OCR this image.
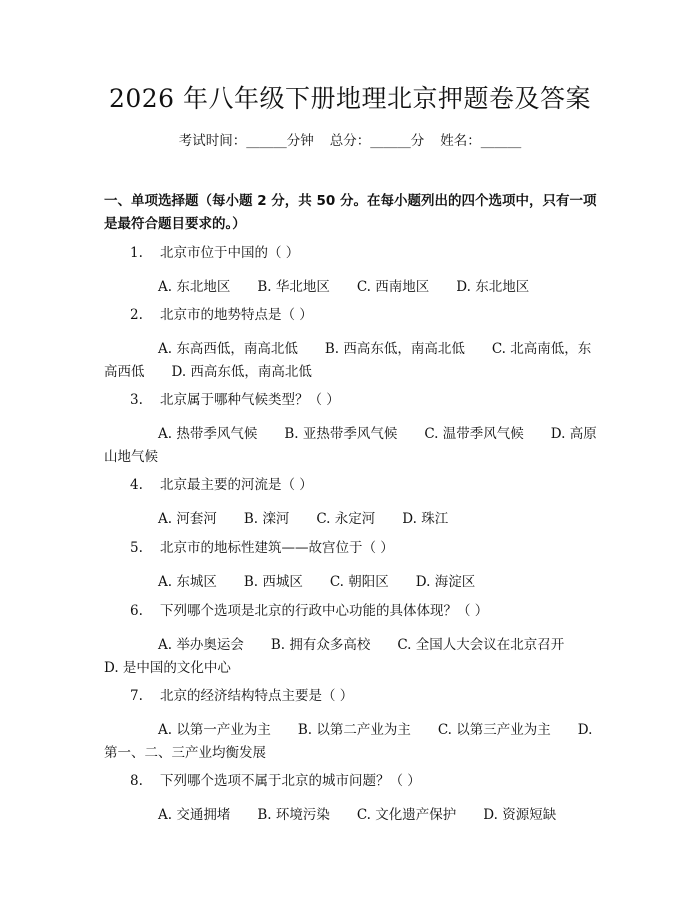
2026 年八年级下册地理北京押题卷及答案
考试时间：______分钟 总分：______分 姓名：______
一、单项选择题（每小题 2 分，共 50 分。在每小题列出的四个选项中，只有一项是最符合题目要求的。）
1. 北京市位于中国的（ ）
A. 东北地区　　B. 华北地区　　C. 西南地区　　D. 东北地区
2. 北京市的地势特点是（ ）
A. 东高西低，南高北低　　B. 西高东低，南高北低　　C. 北高南低，东高西低　　D. 西高东低，南高北低
3. 北京属于哪种气候类型？（ ）
A. 热带季风气候　　B. 亚热带季风气候　　C. 温带季风气候　　D. 高原山地气候
4. 北京最主要的河流是（ ）
A. 河套河　　B. 滦河　　C. 永定河　　D. 珠江
5. 北京市的地标性建筑——故宫位于（ ）
A. 东城区　　B. 西城区　　C. 朝阳区　　D. 海淀区
6. 下列哪个选项是北京的行政中心功能的具体体现？（ ）
A. 举办奥运会　　B. 拥有众多高校　　C. 全国人大会议在北京召开　　D. 是中国的文化中心
7. 北京的经济结构特点主要是（ ）
A. 以第一产业为主　　B. 以第二产业为主　　C. 以第三产业为主　　D. 第一、二、三产业均衡发展
8. 下列哪个选项不属于北京的城市问题？（ ）
A. 交通拥堵　　B. 环境污染　　C. 文化遗产保护　　D. 资源短缺
